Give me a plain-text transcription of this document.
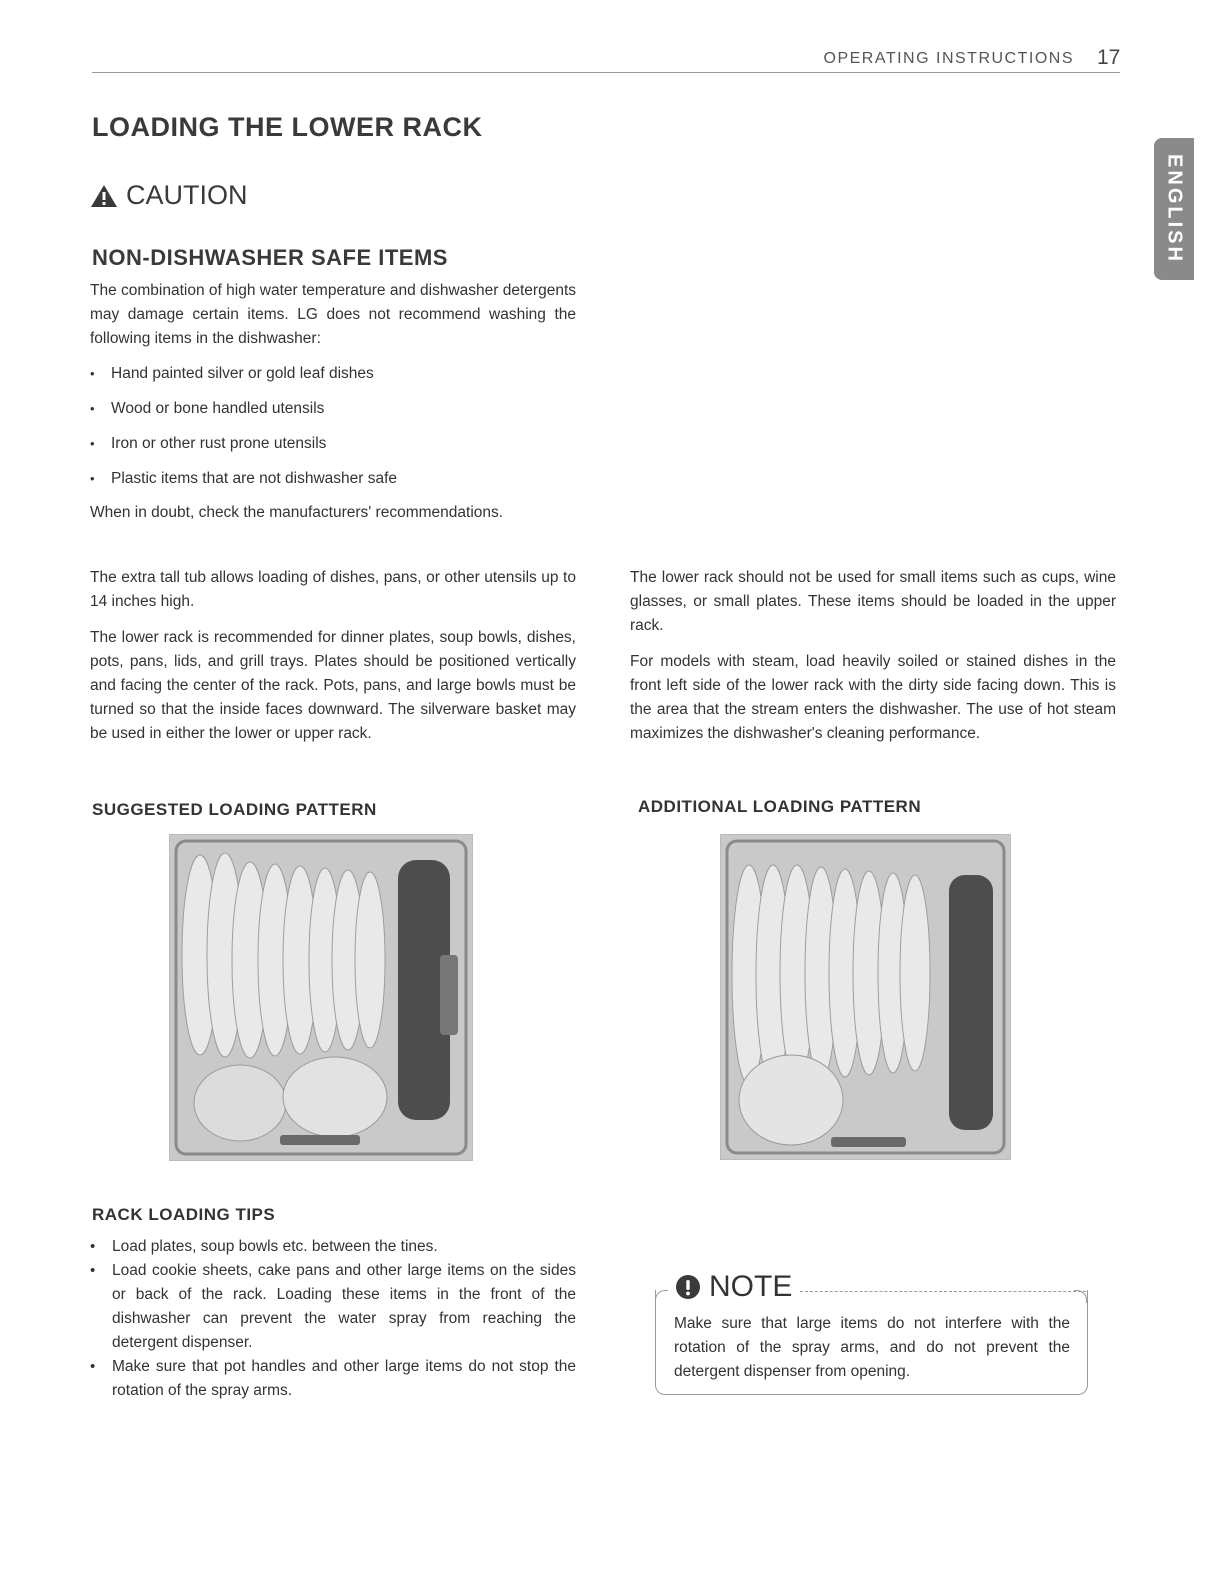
OPERATING INSTRUCTIONS 17
ENGLISH
LOADING THE LOWER RACK
CAUTION
NON-DISHWASHER SAFE ITEMS
The combination of high water temperature and dishwasher detergents may damage certain items. LG does not recommend washing the following items in the dishwasher:
• Hand painted silver or gold leaf dishes
• Wood or bone handled utensils
• Iron or other rust prone utensils
• Plastic items that are not dishwasher safe
When in doubt, check the manufacturers' recommendations.

The extra tall tub allows loading of dishes, pans, or other utensils up to 14 inches high.

The lower rack is recommended for dinner plates, soup bowls, dishes, pots, pans, lids, and grill trays. Plates should be positioned vertically and facing the center of the rack. Pots, pans, and large bowls must be turned so that the inside faces downward. The silverware basket may be used in either the lower or upper rack.

The lower rack should not be used for small items such as cups, wine glasses, or small plates. These items should be loaded in the upper rack.

For models with steam, load heavily soiled or stained dishes in the front left side of the lower rack with the dirty side facing down. This is the area that the stream enters the dishwasher. The use of hot steam maximizes the dishwasher's cleaning performance.

SUGGESTED LOADING PATTERN	ADDITIONAL LOADING PATTERN
RACK LOADING TIPS
• Load plates, soup bowls etc. between the tines.
• Load cookie sheets, cake pans and other large items on the sides or back of the rack. Loading these items in the front of the dishwasher can prevent the water spray from reaching the detergent dispenser.
• Make sure that pot handles and other large items do not stop the rotation of the spray arms.
NOTE
Make sure that large items do not interfere with the rotation of the spray arms, and do not prevent the detergent dispenser from opening.
